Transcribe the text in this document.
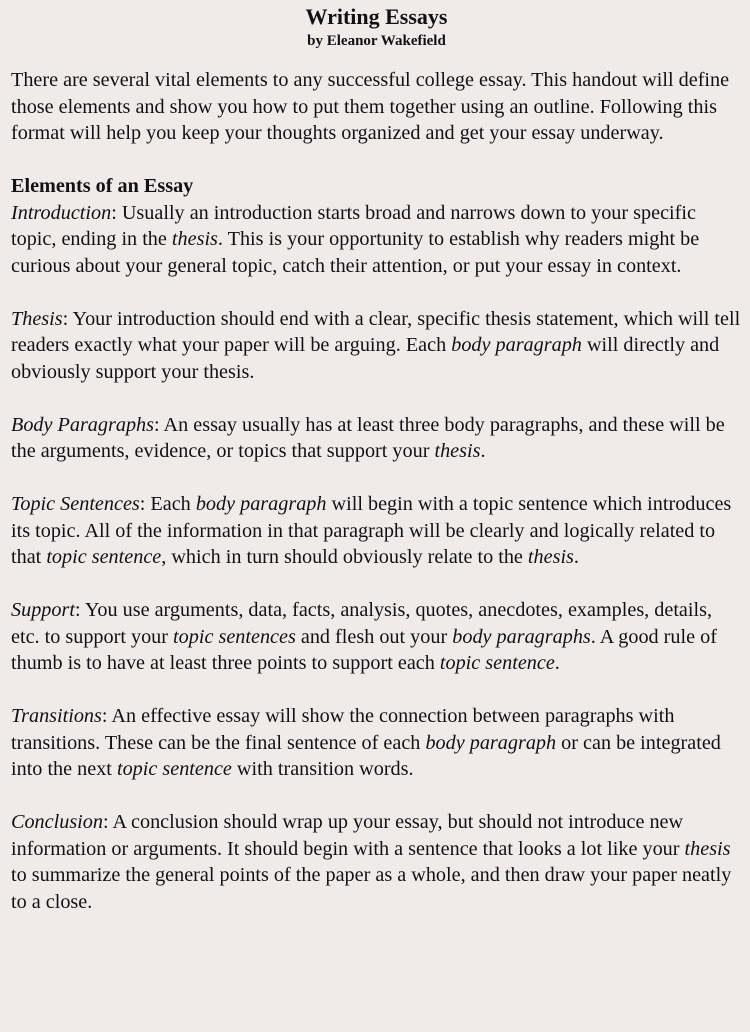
Writing Essays

by Eleanor Wakefield

There are several vital elements to any successful college essay. This handout will define those elements and show you how to put them together using an outline. Following this format will help you keep your thoughts organized and get your essay underway.

Elements of an Essay

Introduction: Usually an introduction starts broad and narrows down to your specific topic, ending in the thesis. This is your opportunity to establish why readers might be curious about your general topic, catch their attention, or put your essay in context.

Thesis: Your introduction should end with a clear, specific thesis statement, which will tell readers exactly what your paper will be arguing. Each body paragraph will directly and obviously support your thesis.

Body Paragraphs: An essay usually has at least three body paragraphs, and these will be the arguments, evidence, or topics that support your thesis.

Topic Sentences: Each body paragraph will begin with a topic sentence which introduces its topic. All of the information in that paragraph will be clearly and logically related to that topic sentence, which in turn should obviously relate to the thesis.

Support: You use arguments, data, facts, analysis, quotes, anecdotes, examples, details, etc. to support your topic sentences and flesh out your body paragraphs. A good rule of thumb is to have at least three points to support each topic sentence.

Transitions: An effective essay will show the connection between paragraphs with transitions. These can be the final sentence of each body paragraph or can be integrated into the next topic sentence with transition words.

Conclusion: A conclusion should wrap up your essay, but should not introduce new information or arguments. It should begin with a sentence that looks a lot like your thesis to summarize the general points of the paper as a whole, and then draw your paper neatly to a close.
